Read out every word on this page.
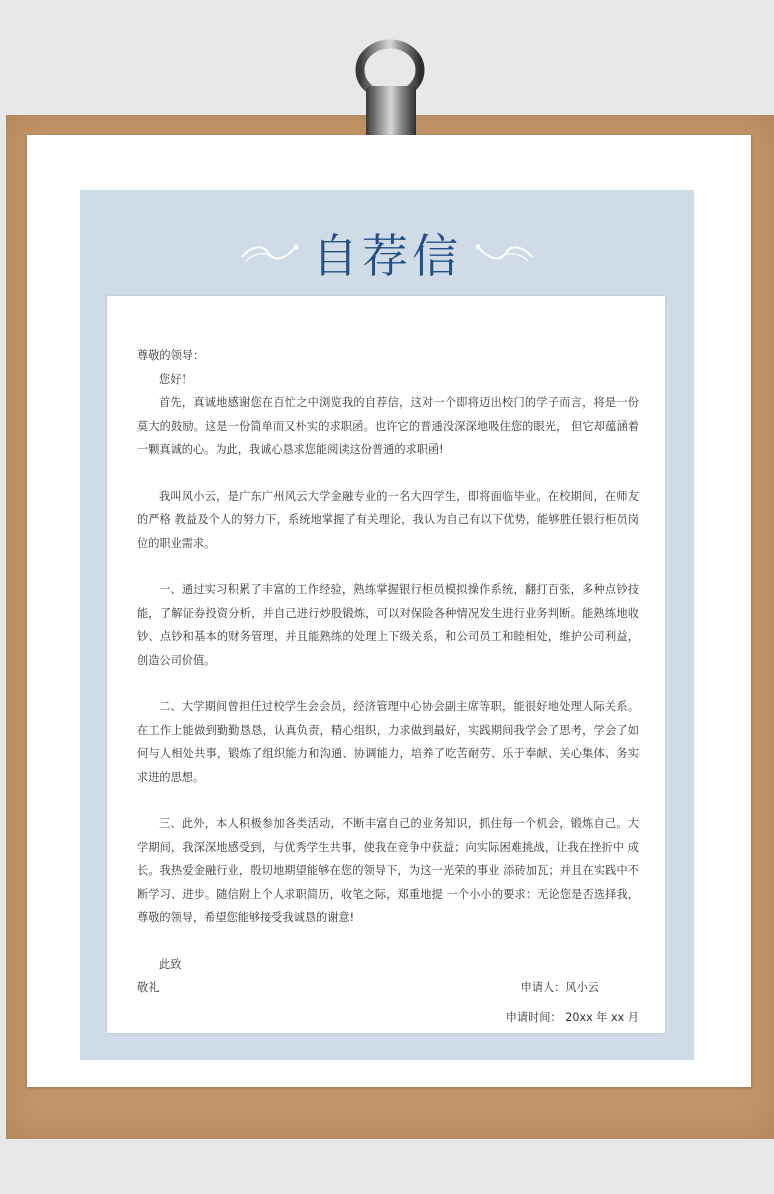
自荐信

尊敬的领导：

您好！

首先，真诚地感谢您在百忙之中浏览我的自荐信，这对一个即将迈出校门的学子而言，将是一份莫大的鼓励。这是一份简单而又朴实的求职函。也许它的普通没深深地吸住您的眼光， 但它却蕴涵着一颗真诚的心。为此，我诚心恳求您能阅读这份普通的求职函!

我叫风小云，是广东广州风云大学金融专业的一名大四学生，即将面临毕业。在校期间，在师友的严格 教益及个人的努力下，系统地掌握了有关理论，我认为自己有以下优势，能够胜任银行柜员岗位的职业需求。

一、通过实习积累了丰富的工作经验，熟练掌握银行柜员模拟操作系统，翻打百张，多种点钞技能，了解证券投资分析，并自己进行炒股锻炼，可以对保险各种情况发生进行业务判断。能熟练地收钞、点钞和基本的财务管理，并且能熟练的处理上下级关系，和公司员工和睦相处，维护公司利益，创造公司价值。

二、大学期间曾担任过校学生会会员，经济管理中心协会副主席等职，能很好地处理人际关系。在工作上能做到勤勤恳恳，认真负责，精心组织，力求做到最好，实践期间我学会了思考，学会了如何与人相处共事，锻炼了组织能力和沟通、协调能力，培养了吃苦耐劳、乐于奉献、关心集体、务实求进的思想。

三、此外，本人积极参加各类活动，不断丰富自己的业务知识，抓住每一个机会，锻炼自己。大学期间，我深深地感受到，与优秀学生共事，使我在竞争中获益；向实际困难挑战，让我在挫折中 成长。我热爱金融行业，殷切地期望能够在您的领导下，为这一光荣的事业 添砖加瓦；并且在实践中不断学习、进步。随信附上个人求职简历，收笔之际，郑重地提 一个小小的要求：无论您是否选择我，尊敬的领导，希望您能够接受我诚恳的谢意!

此致

敬礼	申请人：风小云
申请时间： 20xx 年 xx 月
